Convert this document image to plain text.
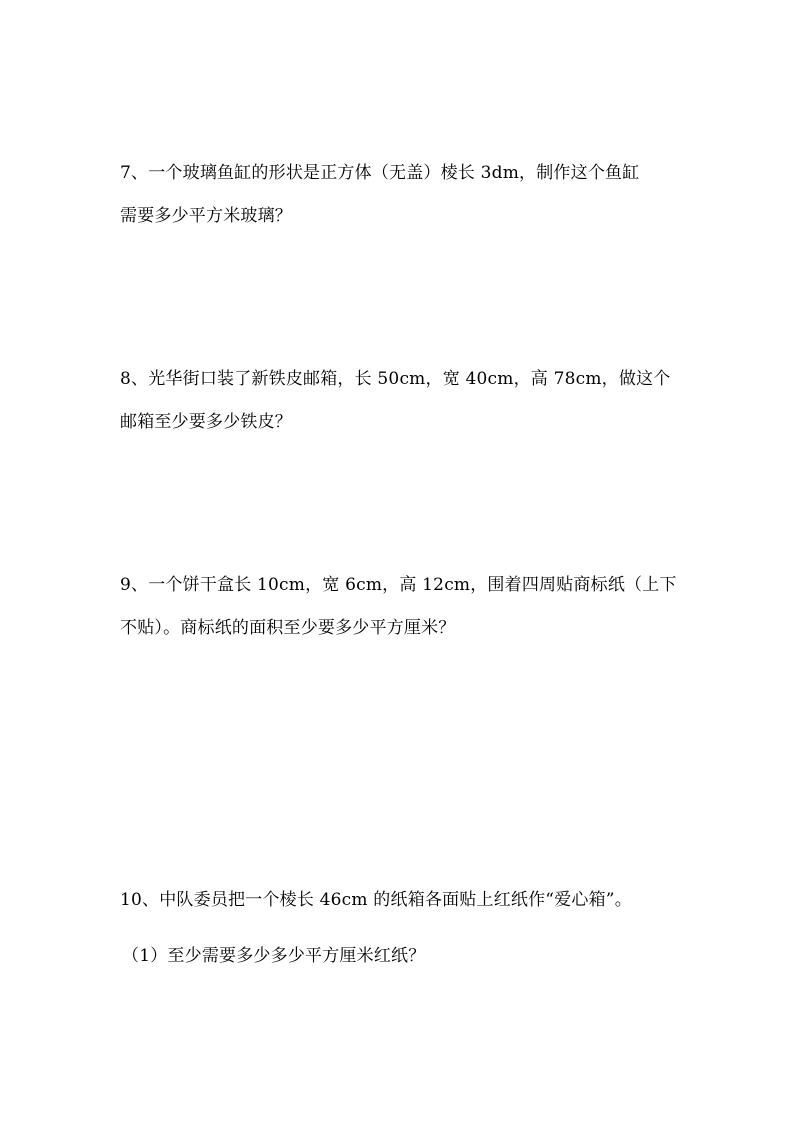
7、一个玻璃鱼缸的形状是正方体（无盖）棱长 3dm，制作这个鱼缸
需要多少平方米玻璃？
8、光华街口装了新铁皮邮箱，长 50cm，宽 40cm，高 78cm，做这个
邮箱至少要多少铁皮？
9、一个饼干盒长 10cm，宽 6cm，高 12cm，围着四周贴商标纸（上下
不贴）。商标纸的面积至少要多少平方厘米？
10、中队委员把一个棱长 46cm 的纸箱各面贴上红纸作“爱心箱”。
（1）至少需要多少多少平方厘米红纸？
